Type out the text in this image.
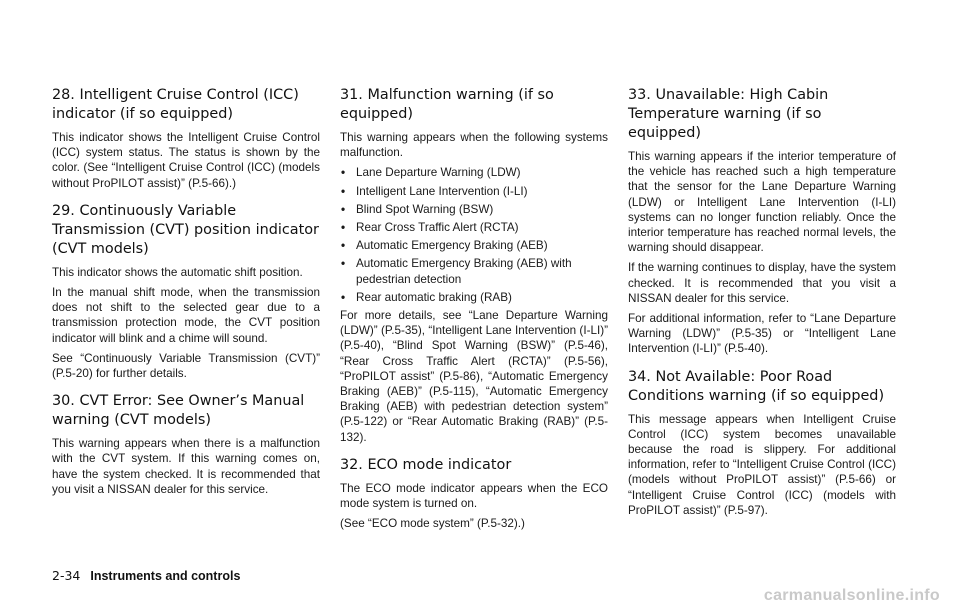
28. Intelligent Cruise Control (ICC) indicator (if so equipped)

This indicator shows the Intelligent Cruise Control (ICC) system status. The status is shown by the color. (See “Intelligent Cruise Control (ICC) (models without ProPILOT assist)” (P.5-66).)

29. Continuously Variable Transmission (CVT) position indicator (CVT models)

This indicator shows the automatic shift position.

In the manual shift mode, when the transmission does not shift to the selected gear due to a transmission protection mode, the CVT position indicator will blink and a chime will sound.

See “Continuously Variable Transmission (CVT)” (P.5-20) for further details.

30. CVT Error: See Owner’s Manual warning (CVT models)

This warning appears when there is a malfunction with the CVT system. If this warning comes on, have the system checked. It is recommended that you visit a NISSAN dealer for this service.

31. Malfunction warning (if so equipped)

This warning appears when the following systems malfunction.

• Lane Departure Warning (LDW)
• Intelligent Lane Intervention (I-LI)
• Blind Spot Warning (BSW)
• Rear Cross Traffic Alert (RCTA)
• Automatic Emergency Braking (AEB)
• Automatic Emergency Braking (AEB) with pedestrian detection
• Rear automatic braking (RAB)

For more details, see “Lane Departure Warning (LDW)” (P.5-35), “Intelligent Lane Intervention (I-LI)” (P.5-40), “Blind Spot Warning (BSW)” (P.5-46), “Rear Cross Traffic Alert (RCTA)” (P.5-56), “ProPILOT assist” (P.5-86), “Automatic Emergency Braking (AEB)” (P.5-115), “Automatic Emergency Braking (AEB) with pedestrian detection system” (P.5-122) or “Rear Automatic Braking (RAB)” (P.5-132).

32. ECO mode indicator

The ECO mode indicator appears when the ECO mode system is turned on.

(See “ECO mode system” (P.5-32).)

33. Unavailable: High Cabin Temperature warning (if so equipped)

This warning appears if the interior temperature of the vehicle has reached such a high temperature that the sensor for the Lane Departure Warning (LDW) or Intelligent Lane Intervention (I-LI) systems can no longer function reliably. Once the interior temperature has reached normal levels, the warning should disappear.

If the warning continues to display, have the system checked. It is recommended that you visit a NISSAN dealer for this service.

For additional information, refer to “Lane Departure Warning (LDW)” (P.5-35) or “Intelligent Lane Intervention (I-LI)” (P.5-40).

34. Not Available: Poor Road Conditions warning (if so equipped)

This message appears when Intelligent Cruise Control (ICC) system becomes unavailable because the road is slippery. For additional information, refer to “Intelligent Cruise Control (ICC) (models without ProPILOT assist)” (P.5-66) or “Intelligent Cruise Control (ICC) (models with ProPILOT assist)” (P.5-97).

2-34 Instruments and controls
carmanualsonline.info
